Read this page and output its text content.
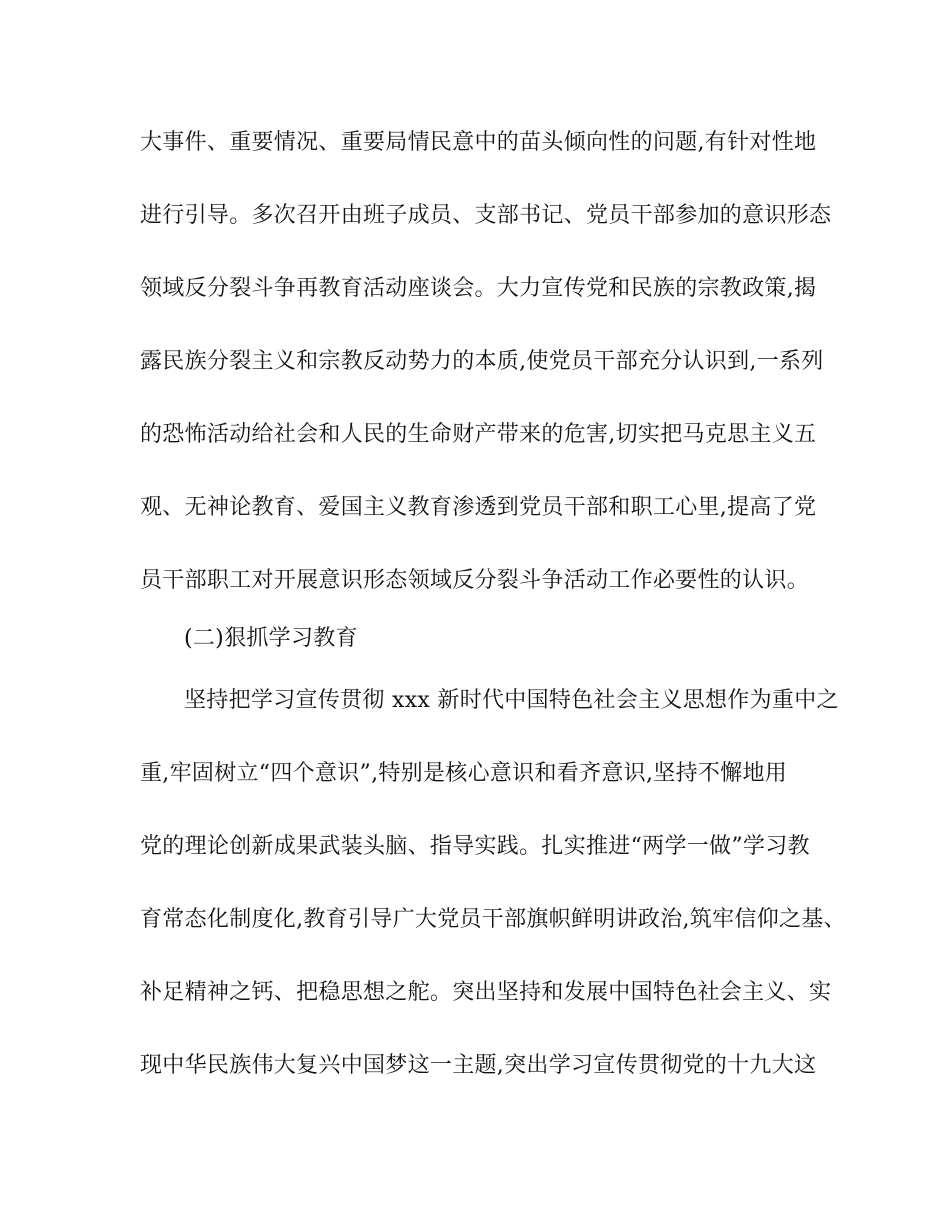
大事件、重要情况、重要局情民意中的苗头倾向性的问题,有针对性地
进行引导。多次召开由班子成员、支部书记、党员干部参加的意识形态
领域反分裂斗争再教育活动座谈会。大力宣传党和民族的宗教政策,揭
露民族分裂主义和宗教反动势力的本质,使党员干部充分认识到,一系列
的恐怖活动给社会和人民的生命财产带来的危害,切实把马克思主义五
观、无神论教育、爱国主义教育渗透到党员干部和职工心里,提高了党
员干部职工对开展意识形态领域反分裂斗争活动工作必要性的认识。
(二)狠抓学习教育
坚持把学习宣传贯彻 xxx 新时代中国特色社会主义思想作为重中之
重,牢固树立“四个意识”,特别是核心意识和看齐意识,坚持不懈地用
党的理论创新成果武装头脑、指导实践。扎实推进“两学一做”学习教
育常态化制度化,教育引导广大党员干部旗帜鲜明讲政治,筑牢信仰之基、
补足精神之钙、把稳思想之舵。突出坚持和发展中国特色社会主义、实
现中华民族伟大复兴中国梦这一主题,突出学习宣传贯彻党的十九大这
